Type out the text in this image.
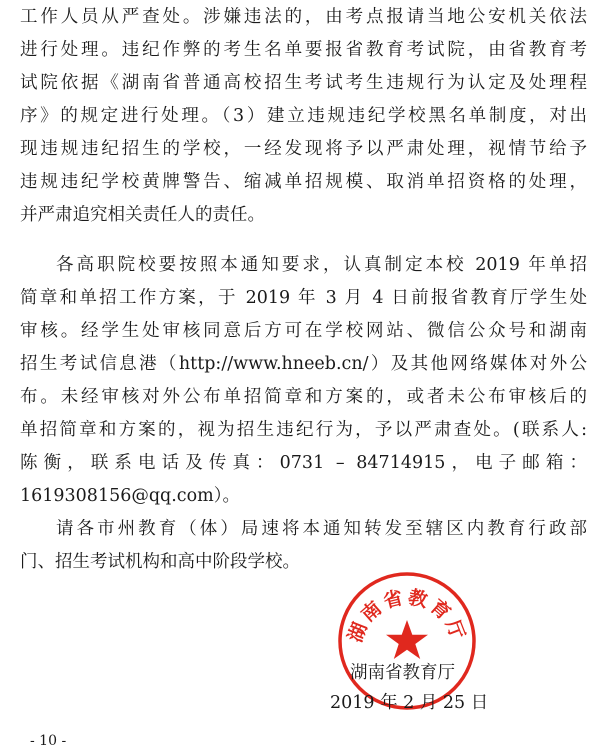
工作人员从严查处。涉嫌违法的，由考点报请当地公安机关依法
进行处理。违纪作弊的考生名单要报省教育考试院，由省教育考
试院依据《湖南省普通高校招生考试考生违规行为认定及处理程
序》的规定进行处理。（3）建立违规违纪学校黑名单制度，对出
现违规违纪招生的学校，一经发现将予以严肃处理，视情节给予
违规违纪学校黄牌警告、缩减单招规模、取消单招资格的处理，
并严肃追究相关责任人的责任。
各高职院校要按照本通知要求，认真制定本校 2019 年单招
简章和单招工作方案，于 2019 年 3 月 4 日前报省教育厅学生处
审核。经学生处审核同意后方可在学校网站、微信公众号和湖南
招生考试信息港（http://www.hneeb.cn/）及其他网络媒体对外公
布。未经审核对外公布单招简章和方案的，或者未公布审核后的
单招简章和方案的，视为招生违纪行为，予以严肃查处。(联系人:
陈衡，联系电话及传真：0731 – 84714915，电子邮箱：
1619308156@qq.com）。
请各市州教育（体）局速将本通知转发至辖区内教育行政部
门、招生考试机构和高中阶段学校。
湖南省教育厅
湖南省教育厅
2019 年 2 月 25 日
- 10 -
